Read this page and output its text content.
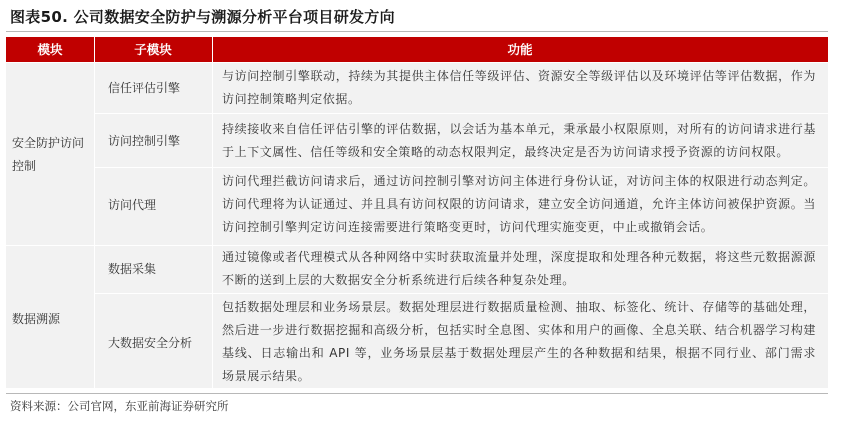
图表50. 公司数据安全防护与溯源分析平台项目研发方向
模块	子模块	功能
安全防护访问控制
数据溯源
信任评估引擎
与访问控制引擎联动，持续为其提供主体信任等级评估、资源安全等级评估以及环境评估等评估数据，作为访问控制策略判定依据。
访问控制引擎
持续接收来自信任评估引擎的评估数据，以会话为基本单元，秉承最小权限原则，对所有的访问请求进行基于上下文属性、信任等级和安全策略的动态权限判定，最终决定是否为访问请求授予资源的访问权限。
访问代理
访问代理拦截访问请求后，通过访问控制引擎对访问主体进行身份认证，对访问主体的权限进行动态判定。访问代理将为认证通过、并且具有访问权限的访问请求，建立安全访问通道，允许主体访问被保护资源。当访问控制引擎判定访问连接需要进行策略变更时，访问代理实施变更，中止或撤销会话。
数据采集
通过镜像或者代理模式从各种网络中实时获取流量并处理，深度提取和处理各种元数据，将这些元数据源源不断的送到上层的大数据安全分析系统进行后续各种复杂处理。
大数据安全分析
包括数据处理层和业务场景层。数据处理层进行数据质量检测、抽取、标签化、统计、存储等的基础处理，然后进一步进行数据挖掘和高级分析，包括实时全息图、实体和用户的画像、全息关联、结合机器学习构建基线、日志输出和 API 等，业务场景层基于数据处理层产生的各种数据和结果，根据不同行业、部门需求场景展示结果。
资料来源：公司官网，东亚前海证券研究所
